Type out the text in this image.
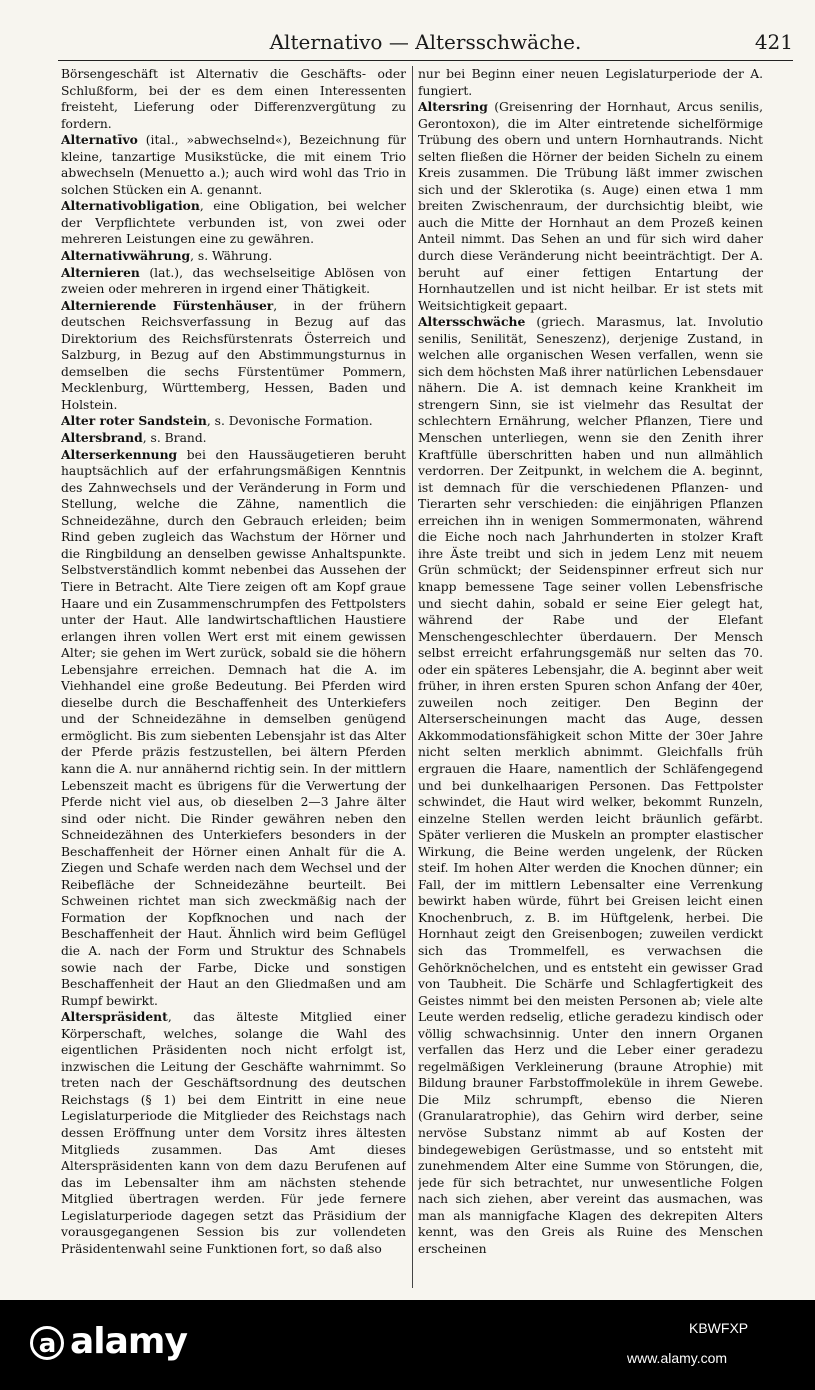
Alternativo — Altersschwäche.	421

Börsengeschäft ist Alternativ die Geschäfts- oder Schlußform, bei der es dem einen Interessenten freisteht, Lieferung oder Differenzvergütung zu fordern.

Alternatīvo (ital., »abwechselnd«), Bezeichnung für kleine, tanzartige Musikstücke, die mit einem Trio abwechseln (Menuetto a.); auch wird wohl das Trio in solchen Stücken ein A. genannt.

Alternativobligation, eine Obligation, bei welcher der Verpflichtete verbunden ist, von zwei oder mehreren Leistungen eine zu gewähren.

Alternativwährung, s. Währung.

Alternieren (lat.), das wechselseitige Ablösen von zweien oder mehreren in irgend einer Thätigkeit.

Alternierende Fürstenhäuser, in der frühern deutschen Reichsverfassung in Bezug auf das Direktorium des Reichsfürstenrats Österreich und Salzburg, in Bezug auf den Abstimmungsturnus in demselben die sechs Fürstentümer Pommern, Mecklenburg, Württemberg, Hessen, Baden und Holstein.

Alter roter Sandstein, s. Devonische Formation.

Altersbrand, s. Brand.

Alterserkennung bei den Haussäugetieren beruht hauptsächlich auf der erfahrungsmäßigen Kenntnis des Zahnwechsels und der Veränderung in Form und Stellung, welche die Zähne, namentlich die Schneidezähne, durch den Gebrauch erleiden; beim Rind geben zugleich das Wachstum der Hörner und die Ringbildung an denselben gewisse Anhaltspunkte. Selbstverständlich kommt nebenbei das Aussehen der Tiere in Betracht. Alte Tiere zeigen oft am Kopf graue Haare und ein Zusammenschrumpfen des Fettpolsters unter der Haut. Alle landwirtschaftlichen Haustiere erlangen ihren vollen Wert erst mit einem gewissen Alter; sie gehen im Wert zurück, sobald sie die höhern Lebensjahre erreichen. Demnach hat die A. im Viehhandel eine große Bedeutung. Bei Pferden wird dieselbe durch die Beschaffenheit des Unterkiefers und der Schneidezähne in demselben genügend ermöglicht. Bis zum siebenten Lebensjahr ist das Alter der Pferde präzis festzustellen, bei ältern Pferden kann die A. nur annähernd richtig sein. In der mittlern Lebenszeit macht es übrigens für die Verwertung der Pferde nicht viel aus, ob dieselben 2—3 Jahre älter sind oder nicht. Die Rinder gewähren neben den Schneidezähnen des Unterkiefers besonders in der Beschaffenheit der Hörner einen Anhalt für die A. Ziegen und Schafe werden nach dem Wechsel und der Reibefläche der Schneidezähne beurteilt. Bei Schweinen richtet man sich zweckmäßig nach der Formation der Kopfknochen und nach der Beschaffenheit der Haut. Ähnlich wird beim Geflügel die A. nach der Form und Struktur des Schnabels sowie nach der Farbe, Dicke und sonstigen Beschaffenheit der Haut an den Gliedmaßen und am Rumpf bewirkt.

Alterspräsident, das älteste Mitglied einer Körperschaft, welches, solange die Wahl des eigentlichen Präsidenten noch nicht erfolgt ist, inzwischen die Leitung der Geschäfte wahrnimmt. So treten nach der Geschäftsordnung des deutschen Reichstags (§ 1) bei dem Eintritt in eine neue Legislaturperiode die Mitglieder des Reichstags nach dessen Eröffnung unter dem Vorsitz ihres ältesten Mitglieds zusammen. Das Amt dieses Alterspräsidenten kann von dem dazu Berufenen auf das im Lebensalter ihm am nächsten stehende Mitglied übertragen werden. Für jede fernere Legislaturperiode dagegen setzt das Präsidium der vorausgegangenen Session bis zur vollendeten Präsidentenwahl seine Funktionen fort, so daß also

nur bei Beginn einer neuen Legislaturperiode der A. fungiert.

Altersring (Greisenring der Hornhaut, Arcus senilis, Gerontoxon), die im Alter eintretende sichelförmige Trübung des obern und untern Hornhautrands. Nicht selten fließen die Hörner der beiden Sicheln zu einem Kreis zusammen. Die Trübung läßt immer zwischen sich und der Sklerotika (s. Auge) einen etwa 1 mm breiten Zwischenraum, der durchsichtig bleibt, wie auch die Mitte der Hornhaut an dem Prozeß keinen Anteil nimmt. Das Sehen an und für sich wird daher durch diese Veränderung nicht beeinträchtigt. Der A. beruht auf einer fettigen Entartung der Hornhautzellen und ist nicht heilbar. Er ist stets mit Weitsichtigkeit gepaart.

Altersschwäche (griech. Marasmus, lat. Involutio senilis, Senilität, Seneszenz), derjenige Zustand, in welchen alle organischen Wesen verfallen, wenn sie sich dem höchsten Maß ihrer natürlichen Lebensdauer nähern. Die A. ist demnach keine Krankheit im strengern Sinn, sie ist vielmehr das Resultat der schlechtern Ernährung, welcher Pflanzen, Tiere und Menschen unterliegen, wenn sie den Zenith ihrer Kraftfülle überschritten haben und nun allmählich verdorren. Der Zeitpunkt, in welchem die A. beginnt, ist demnach für die verschiedenen Pflanzen- und Tierarten sehr verschieden: die einjährigen Pflanzen erreichen ihn in wenigen Sommermonaten, während die Eiche noch nach Jahrhunderten in stolzer Kraft ihre Äste treibt und sich in jedem Lenz mit neuem Grün schmückt; der Seidenspinner erfreut sich nur knapp bemessene Tage seiner vollen Lebensfrische und siecht dahin, sobald er seine Eier gelegt hat, während der Rabe und der Elefant Menschengeschlechter überdauern. Der Mensch selbst erreicht erfahrungsgemäß nur selten das 70. oder ein späteres Lebensjahr, die A. beginnt aber weit früher, in ihren ersten Spuren schon Anfang der 40er, zuweilen noch zeitiger. Den Beginn der Alterserscheinungen macht das Auge, dessen Akkommodationsfähigkeit schon Mitte der 30er Jahre nicht selten merklich abnimmt. Gleichfalls früh ergrauen die Haare, namentlich der Schläfengegend und bei dunkelhaarigen Personen. Das Fettpolster schwindet, die Haut wird welker, bekommt Runzeln, einzelne Stellen werden leicht bräunlich gefärbt. Später verlieren die Muskeln an prompter elastischer Wirkung, die Beine werden ungelenk, der Rücken steif. Im hohen Alter werden die Knochen dünner; ein Fall, der im mittlern Lebensalter eine Verrenkung bewirkt haben würde, führt bei Greisen leicht einen Knochenbruch, z. B. im Hüftgelenk, herbei. Die Hornhaut zeigt den Greisenbogen; zuweilen verdickt sich das Trommelfell, es verwachsen die Gehörknöchelchen, und es entsteht ein gewisser Grad von Taubheit. Die Schärfe und Schlagfertigkeit des Geistes nimmt bei den meisten Personen ab; viele alte Leute werden redselig, etliche geradezu kindisch oder völlig schwachsinnig. Unter den innern Organen verfallen das Herz und die Leber einer geradezu regelmäßigen Verkleinerung (braune Atrophie) mit Bildung brauner Farbstoffmoleküle in ihrem Gewebe. Die Milz schrumpft, ebenso die Nieren (Granularatrophie), das Gehirn wird derber, seine nervöse Substanz nimmt ab auf Kosten der bindegewebigen Gerüstmasse, und so entsteht mit zunehmendem Alter eine Summe von Störungen, die, jede für sich betrachtet, nur unwesentliche Folgen nach sich ziehen, aber vereint das ausmachen, was man als mannigfache Klagen des dekrepiten Alters kennt, was den Greis als Ruine des Menschen erscheinen

a alamy	KBWFXP
www.alamy.com
